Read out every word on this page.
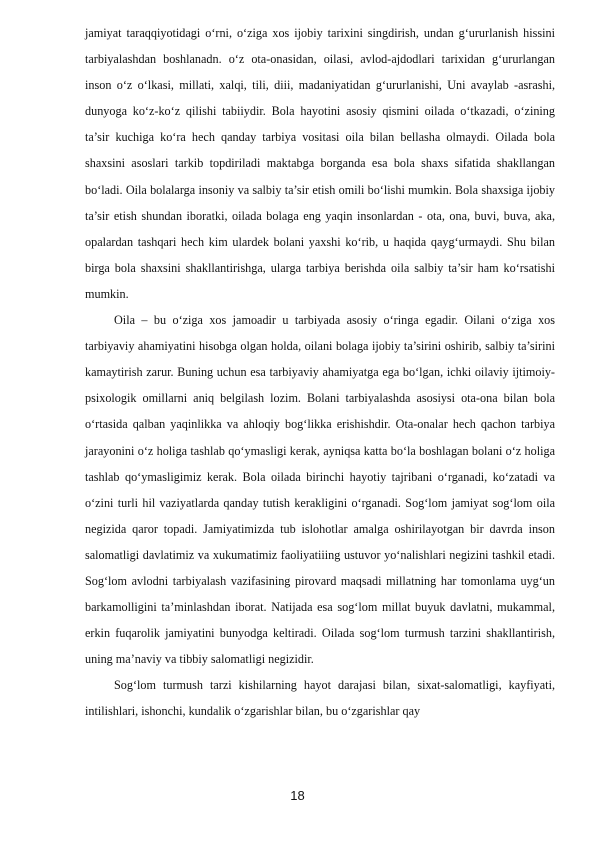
jamiyat taraqqiyotidagi o‘rni, o‘ziga xos ijobiy tarixini singdirish, undan g‘ururlanish hissini tarbiyalashdan boshlanadn. o‘z ota-onasidan, oilasi, avlod-ajdodlari tarixidan g‘ururlangan inson o‘z o‘lkasi, millati, xalqi, tili, diii, madaniyatidan g‘ururlanishi, Uni avaylab -asrashi, dunyoga ko‘z-ko‘z qilishi tabiiydir. Bola hayotini asosiy qismini oilada o‘tkazadi, o‘zining ta’sir kuchiga ko‘ra hech qanday tarbiya vositasi oila bilan bellasha olmaydi. Oilada bola shaxsini asoslari tarkib topdiriladi maktabga borganda esa bola shaxs sifatida shakllangan bo‘ladi. Oila bolalarga insoniy va salbiy ta’sir etish omili bo‘lishi mumkin. Bola shaxsiga ijobiy ta’sir etish shundan iboratki, oilada bolaga eng yaqin insonlardan - ota, ona, buvi, buva, aka, opalardan tashqari hech kim ulardek bolani yaxshi ko‘rib, u haqida qayg‘urmaydi. Shu bilan birga bola shaxsini shakllantirishga, ularga tarbiya berishda oila salbiy ta’sir ham ko‘rsatishi mumkin.

Oila – bu o‘ziga xos jamoadir u tarbiyada asosiy o‘ringa egadir. Oilani o‘ziga xos tarbiyaviy ahamiyatini hisobga olgan holda, oilani bolaga ijobiy ta’sirini oshirib, salbiy ta’sirini kamaytirish zarur. Buning uchun esa tarbiyaviy ahamiyatga ega bo‘lgan, ichki oilaviy ijtimoiy-psixologik omillarni aniq belgilash lozim. Bolani tarbiyalashda asosiysi ota-ona bilan bola o‘rtasida qalban yaqinlikka va ahloqiy bog‘likka erishishdir. Ota-onalar hech qachon tarbiya jarayonini o‘z holiga tashlab qo‘ymasligi kerak, ayniqsa katta bo‘la boshlagan bolani o‘z holiga tashlab qo‘ymasligimiz kerak. Bola oilada birinchi hayotiy tajribani o‘rganadi, ko‘zatadi va o‘zini turli hil vaziyatlarda qanday tutish kerakligini o‘rganadi. Sog‘lom jamiyat sog‘lom oila negizida qaror topadi. Jamiyatimizda tub islohotlar amalga oshirilayotgan bir davrda inson salomatligi davlatimiz va xukumatimiz faoliyatiiing ustuvor yo‘nalishlari negizini tashkil etadi. Sog‘lom avlodni tarbiyalash vazifasining pirovard maqsadi millatning har tomonlama uyg‘un barkamolligini ta’minlashdan iborat. Natijada esa sog‘lom millat buyuk davlatni, mukammal, erkin fuqarolik jamiyatini bunyodga keltiradi. Oilada sog‘lom turmush tarzini shakllantirish, uning ma’naviy va tibbiy salomatligi negizidir.

Sog‘lom turmush tarzi kishilarning hayot darajasi bilan, sixat-salomatligi, kayfiyati, intilishlari, ishonchi, kundalik o‘zgarishlar bilan, bu o‘zgarishlar qay

18
